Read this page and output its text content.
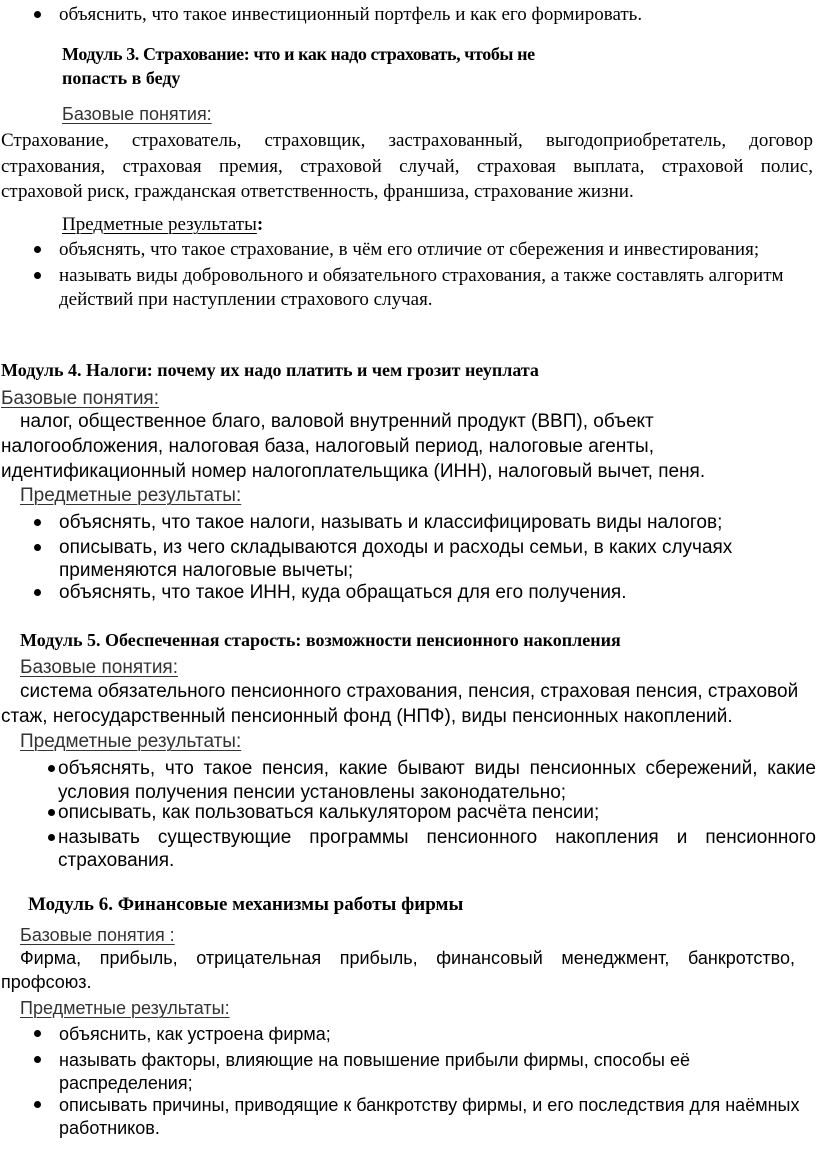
объяснить, что такое инвестиционный портфель и как его формировать.
Модуль 3. Страхование: что и как надо страховать, чтобы не
попасть в беду
Базовые понятия:
Страхование, страхователь, страховщик, застрахованный, выгодоприобретатель, договор
страхования, страховая премия, страховой случай, страховая выплата, страховой полис,
страховой риск, гражданская ответственность, франшиза, страхование жизни.
Предметные результаты:
объяснять, что такое страхование, в чём его отличие от сбережения и инвестирования;
называть виды добровольного и обязательного страхования, а также составлять алгоритм
действий при наступлении страхового случая.
Модуль 4. Налоги: почему их надо платить и чем грозит неуплата
Базовые понятия:
налог, общественное благо, валовой внутренний продукт (ВВП), объект
налогообложения, налоговая база, налоговый период, налоговые агенты,
идентификационный номер налогоплательщика (ИНН), налоговый вычет, пеня.
Предметные результаты:
объяснять, что такое налоги, называть и классифицировать виды налогов;
описывать, из чего складываются доходы и расходы семьи, в каких случаях
применяются налоговые вычеты;
объяснять, что такое ИНН, куда обращаться для его получения.
Модуль 5. Обеспеченная старость: возможности пенсионного накопления
Базовые понятия:
система обязательного пенсионного страхования, пенсия, страховая пенсия, страховой
стаж, негосударственный пенсионный фонд (НПФ), виды пенсионных накоплений.
Предметные результаты:
объяснять, что такое пенсия, какие бывают виды пенсионных сбережений, какие
условия получения пенсии установлены законодательно;
описывать, как пользоваться калькулятором расчёта пенсии;
называть существующие программы пенсионного накопления и пенсионного
страхования.
Модуль 6. Финансовые механизмы работы фирмы
Базовые понятия :
Фирма, прибыль, отрицательная прибыль, финансовый менеджмент, банкротство,
профсоюз.
Предметные результаты:
объяснить, как устроена фирма;
называть факторы, влияющие на повышение прибыли фирмы, способы её
распределения;
описывать причины, приводящие к банкротству фирмы, и его последствия для наёмных
работников.
